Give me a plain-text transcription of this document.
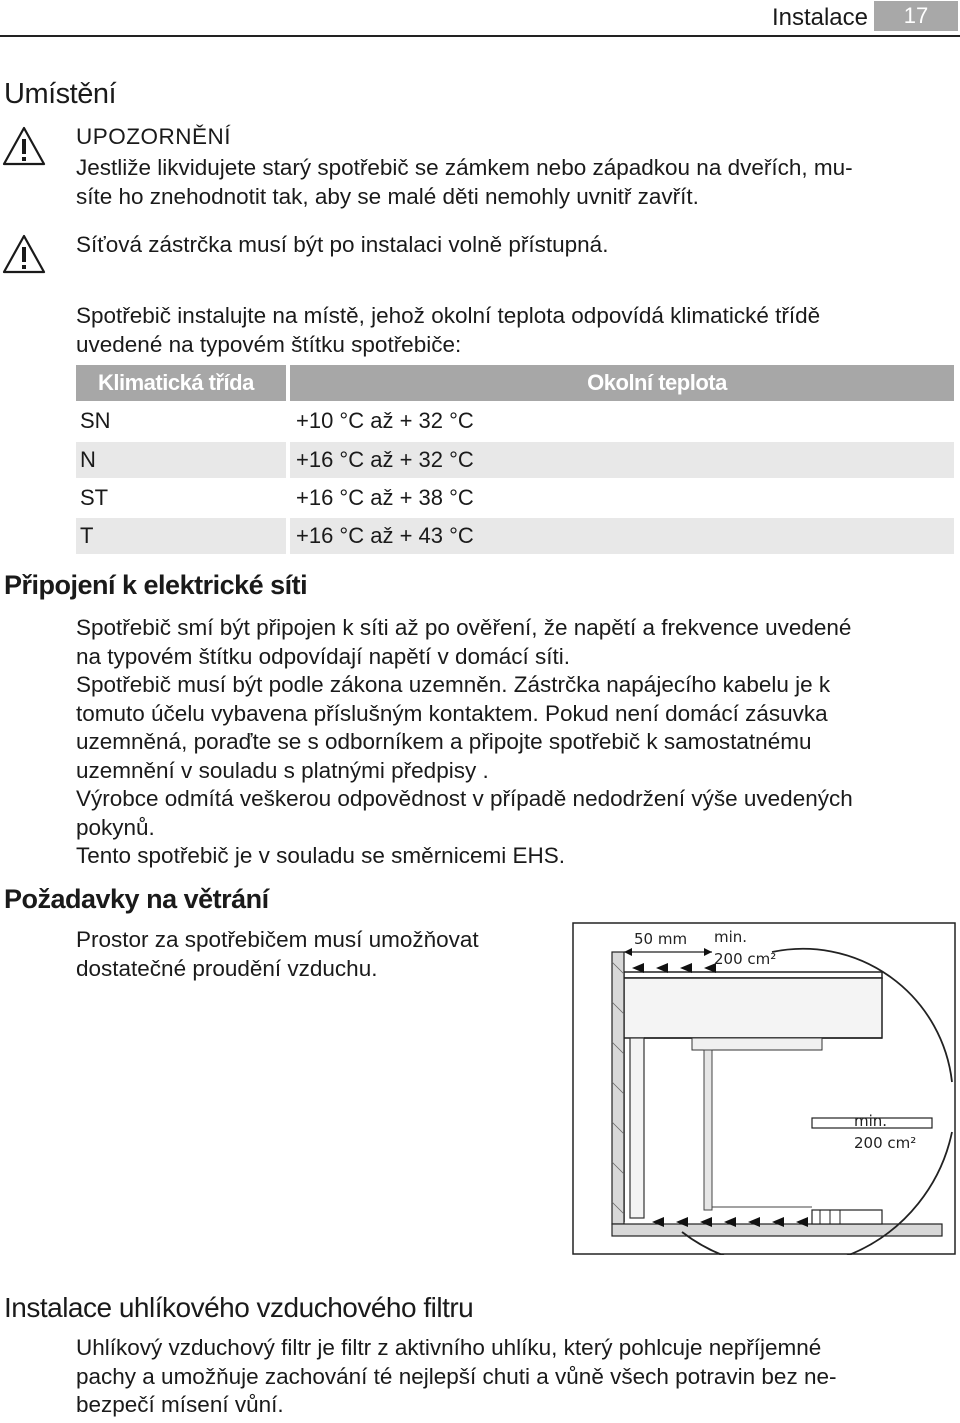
Instalace	17
Umístění
UPOZORNĚNÍ
Jestliže likvidujete starý spotřebič se zámkem nebo západkou na dveřích, mu-
síte ho znehodnotit tak, aby se malé děti nemohly uvnitř zavřít.
Síťová zástrčka musí být po instalaci volně přístupná.
Spotřebič instalujte na místě, jehož okolní teplota odpovídá klimatické třídě
uvedené na typovém štítku spotřebiče:
Klimatická třída	Okolní teplota
SN	+10 °C až + 32 °C
N	+16 °C až + 32 °C
ST	+16 °C až + 38 °C
T	+16 °C až + 43 °C
Připojení k elektrické síti
Spotřebič smí být připojen k síti až po ověření, že napětí a frekvence uvedené
na typovém štítku odpovídají napětí v domácí síti.
Spotřebič musí být podle zákona uzemněn. Zástrčka napájecího kabelu je k
tomuto účelu vybavena příslušným kontaktem. Pokud není domácí zásuvka
uzemněná, poraďte se s odborníkem a připojte spotřebič k samostatnému
uzemnění v souladu s platnými předpisy .
Výrobce odmítá veškerou odpovědnost v případě nedodržení výše uvedených
pokynů.
Tento spotřebič je v souladu se směrnicemi EHS.
Požadavky na větrání
Prostor za spotřebičem musí umožňovat
dostatečné proudění vzduchu.
50 mm min.
200 cm²
min.
200 cm²
Instalace uhlíkového vzduchového filtru
Uhlíkový vzduchový filtr je filtr z aktivního uhlíku, který pohlcuje nepříjemné
pachy a umožňuje zachování té nejlepší chuti a vůně všech potravin bez ne-
bezpečí mísení vůní.
